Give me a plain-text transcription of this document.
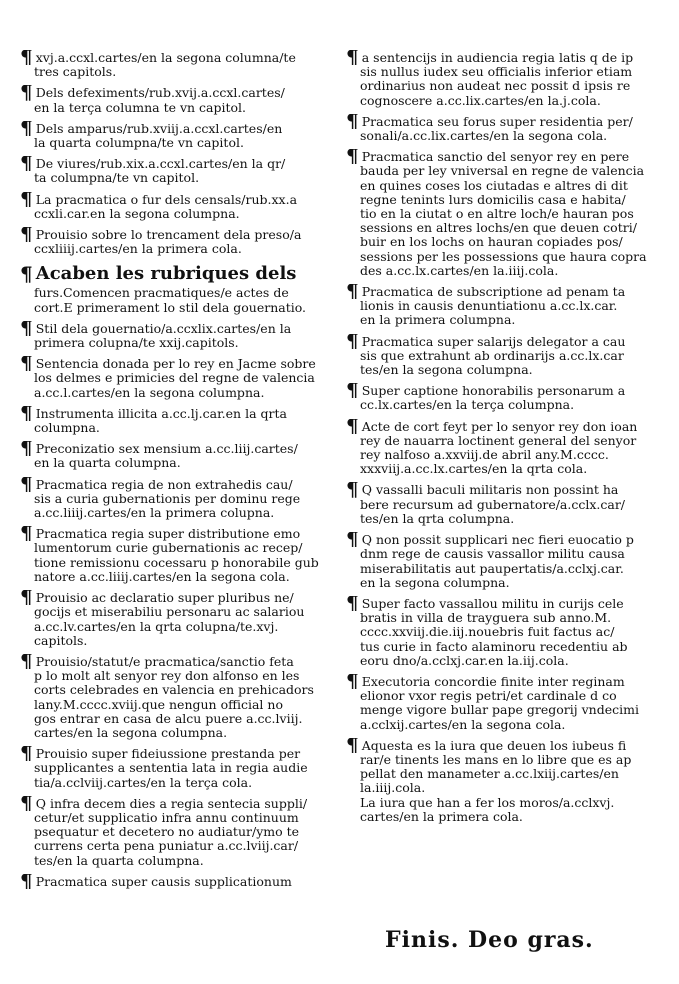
¶ xvj.a.ccxl.cartes/en la segona columna/te
tres capitols.
¶ Dels defeximents/rub.xvij.a.ccxl.cartes/
en la terça columna te vn capitol.
¶ Dels amparus/rub.xviij.a.ccxl.cartes/en
la quarta columpna/te vn capitol.
¶ De viures/rub.xix.a.ccxl.cartes/en la qr/
ta columpna/te vn capitol.
¶ La pracmatica o fur dels censals/rub.xx.a
ccxli.car.en la segona columpna.
¶ Prouisio sobre lo trencament dela preso/a
ccxliiij.cartes/en la primera cola.
¶ Acaben les rubriques dels
furs.Comencen pracmatiques/e actes de
cort.E primerament lo stil dela gouernatio.
¶ Stil dela gouernatio/a.ccxlix.cartes/en la
primera colupna/te xxij.capitols.
¶ Sentencia donada per lo rey en Jacme sobre
los delmes e primicies del regne de valencia
a.cc.l.cartes/en la segona columpna.
¶ Instrumenta illicita a.cc.lj.car.en la qrta
columpna.
¶ Preconizatio sex mensium a.cc.liij.cartes/
en la quarta columpna.
¶ Pracmatica regia de non extrahedis cau/
sis a curia gubernationis per dominu rege
a.cc.liiij.cartes/en la primera colupna.
¶ Pracmatica regia super distributione emo
lumentorum curie gubernationis ac recep/
tione remissionu cocessaru p honorabile gub
natore a.cc.liiij.cartes/en la segona cola.
¶ Prouisio ac declaratio super pluribus ne/
gocijs et miserabiliu personaru ac salariou
a.cc.lv.cartes/en la qrta colupna/te.xvj.
capitols.
¶ Prouisio/statut/e pracmatica/sanctio feta
p lo molt alt senyor rey don alfonso en les
corts celebrades en valencia en prehicadors
lany.M.cccc.xviij.que nengun official no
gos entrar en casa de alcu puere a.cc.lviij.
cartes/en la segona columpna.
¶ Prouisio super fideiussione prestanda per
supplicantes a sententia lata in regia audie
tia/a.cclviij.cartes/en la terça cola.
¶ Q infra decem dies a regia sentecia suppli/
cetur/et supplicatio infra annu continuum
psequatur et decetero no audiatur/ymo te
currens certa pena puniatur a.cc.lviij.car/
tes/en la quarta columpna.
¶ Pracmatica super causis supplicationum
¶ a sentencijs in audiencia regia latis q de ip
sis nullus iudex seu officialis inferior etiam
ordinarius non audeat nec possit d ipsis re
cognoscere a.cc.lix.cartes/en la.j.cola.
¶ Pracmatica seu forus super residentia per/
sonali/a.cc.lix.cartes/en la segona cola.
¶ Pracmatica sanctio del senyor rey en pere
bauda per ley vniversal en regne de valencia
en quines coses los ciutadas e altres di dit
regne tenints lurs domicilis casa e habita/
tio en la ciutat o en altre loch/e hauran pos
sessions en altres lochs/en que deuen cotri/
buir en los lochs on hauran copiades pos/
sessions per les possessions que haura copra
des a.cc.lx.cartes/en la.iiij.cola.
¶ Pracmatica de subscriptione ad penam ta
lionis in causis denuntiationu a.cc.lx.car.
en la primera columpna.
¶ Pracmatica super salarijs delegator a cau
sis que extrahunt ab ordinarijs a.cc.lx.car
tes/en la segona columpna.
¶ Super captione honorabilis personarum a
cc.lx.cartes/en la terça columpna.
¶ Acte de cort feyt per lo senyor rey don ioan
rey de nauarra loctinent general del senyor
rey nalfoso a.xxviij.de abril any.M.cccc.
xxxviij.a.cc.lx.cartes/en la qrta cola.
¶ Q vassalli baculi militaris non possint ha
bere recursum ad gubernatore/a.cclx.car/
tes/en la qrta columpna.
¶ Q non possit supplicari nec fieri euocatio p
dnm rege de causis vassallor militu causa
miserabilitatis aut paupertatis/a.cclxj.car.
en la segona columpna.
¶ Super facto vassallou militu in curijs cele
bratis in villa de trayguera sub anno.M.
cccc.xxviij.die.iij.nouebris fuit factus ac/
tus curie in facto alaminoru recedentiu ab
eoru dno/a.cclxj.car.en la.iij.cola.
¶ Executoria concordie finite inter reginam
elionor vxor regis petri/et cardinale d co
menge vigore bullar pape gregorij vndecimi
a.cclxij.cartes/en la segona cola.
¶ Aquesta es la iura que deuen los iubeus fi
rar/e tinents les mans en lo libre que es ap
pellat den manameter a.cc.lxiij.cartes/en
la.iiij.cola.
La iura que han a fer los moros/a.cclxvj.
cartes/en la primera cola.
Finis. Deo gras.
